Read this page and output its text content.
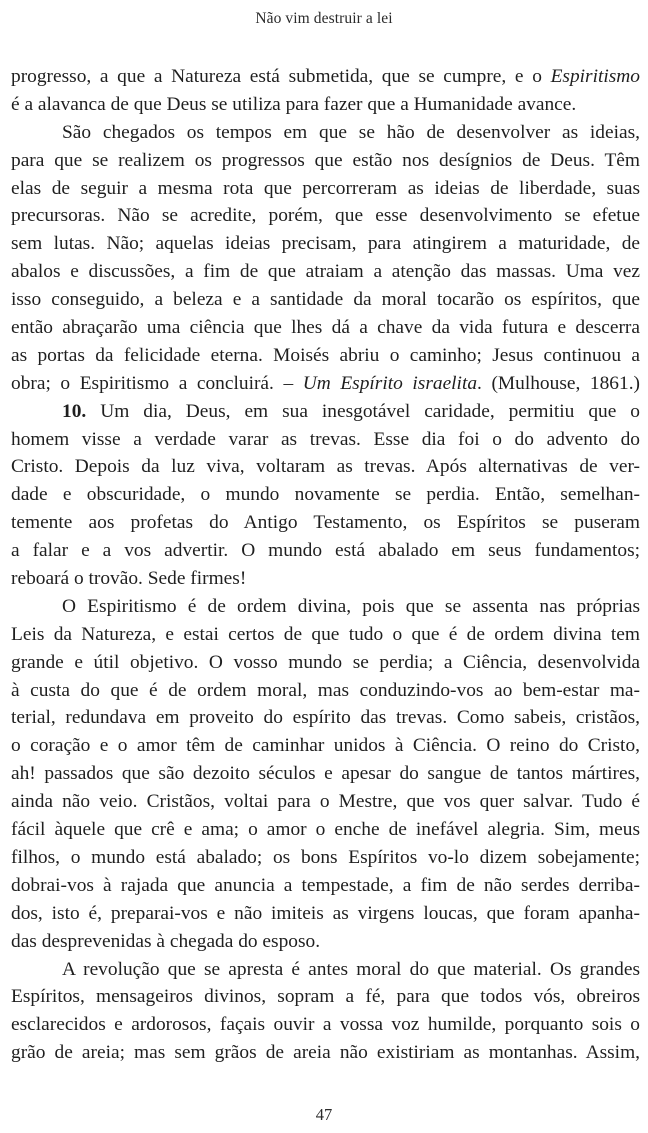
Não vim destruir a lei
progresso, a que a Natureza está submetida, que se cumpre, e o Espiritismo
é a alavanca de que Deus se utiliza para fazer que a Humanidade avance.
São chegados os tempos em que se hão de desenvolver as ideias,
para que se realizem os progressos que estão nos desígnios de Deus. Têm
elas de seguir a mesma rota que percorreram as ideias de liberdade, suas
precursoras. Não se acredite, porém, que esse desenvolvimento se efetue
sem lutas. Não; aquelas ideias precisam, para atingirem a maturidade, de
abalos e discussões, a fim de que atraiam a atenção das massas. Uma vez
isso conseguido, a beleza e a santidade da moral tocarão os espíritos, que
então abraçarão uma ciência que lhes dá a chave da vida futura e descerra
as portas da felicidade eterna. Moisés abriu o caminho; Jesus continuou a
obra; o Espiritismo a concluirá. – Um Espírito israelita. (Mulhouse, 1861.)
10. Um dia, Deus, em sua inesgotável caridade, permitiu que o
homem visse a verdade varar as trevas. Esse dia foi o do advento do
Cristo. Depois da luz viva, voltaram as trevas. Após alternativas de ver-
dade e obscuridade, o mundo novamente se perdia. Então, semelhan-
temente aos profetas do Antigo Testamento, os Espíritos se puseram
a falar e a vos advertir. O mundo está abalado em seus fundamentos;
reboará o trovão. Sede firmes!
O Espiritismo é de ordem divina, pois que se assenta nas próprias
Leis da Natureza, e estai certos de que tudo o que é de ordem divina tem
grande e útil objetivo. O vosso mundo se perdia; a Ciência, desenvolvida
à custa do que é de ordem moral, mas conduzindo-vos ao bem-estar ma-
terial, redundava em proveito do espírito das trevas. Como sabeis, cristãos,
o coração e o amor têm de caminhar unidos à Ciência. O reino do Cristo,
ah! passados que são dezoito séculos e apesar do sangue de tantos mártires,
ainda não veio. Cristãos, voltai para o Mestre, que vos quer salvar. Tudo é
fácil àquele que crê e ama; o amor o enche de inefável alegria. Sim, meus
filhos, o mundo está abalado; os bons Espíritos vo-lo dizem sobejamente;
dobrai-vos à rajada que anuncia a tempestade, a fim de não serdes derriba-
dos, isto é, preparai-vos e não imiteis as virgens loucas, que foram apanha-
das desprevenidas à chegada do esposo.
A revolução que se apresta é antes moral do que material. Os grandes
Espíritos, mensageiros divinos, sopram a fé, para que todos vós, obreiros
esclarecidos e ardorosos, façais ouvir a vossa voz humilde, porquanto sois o
grão de areia; mas sem grãos de areia não existiriam as montanhas. Assim,
47
